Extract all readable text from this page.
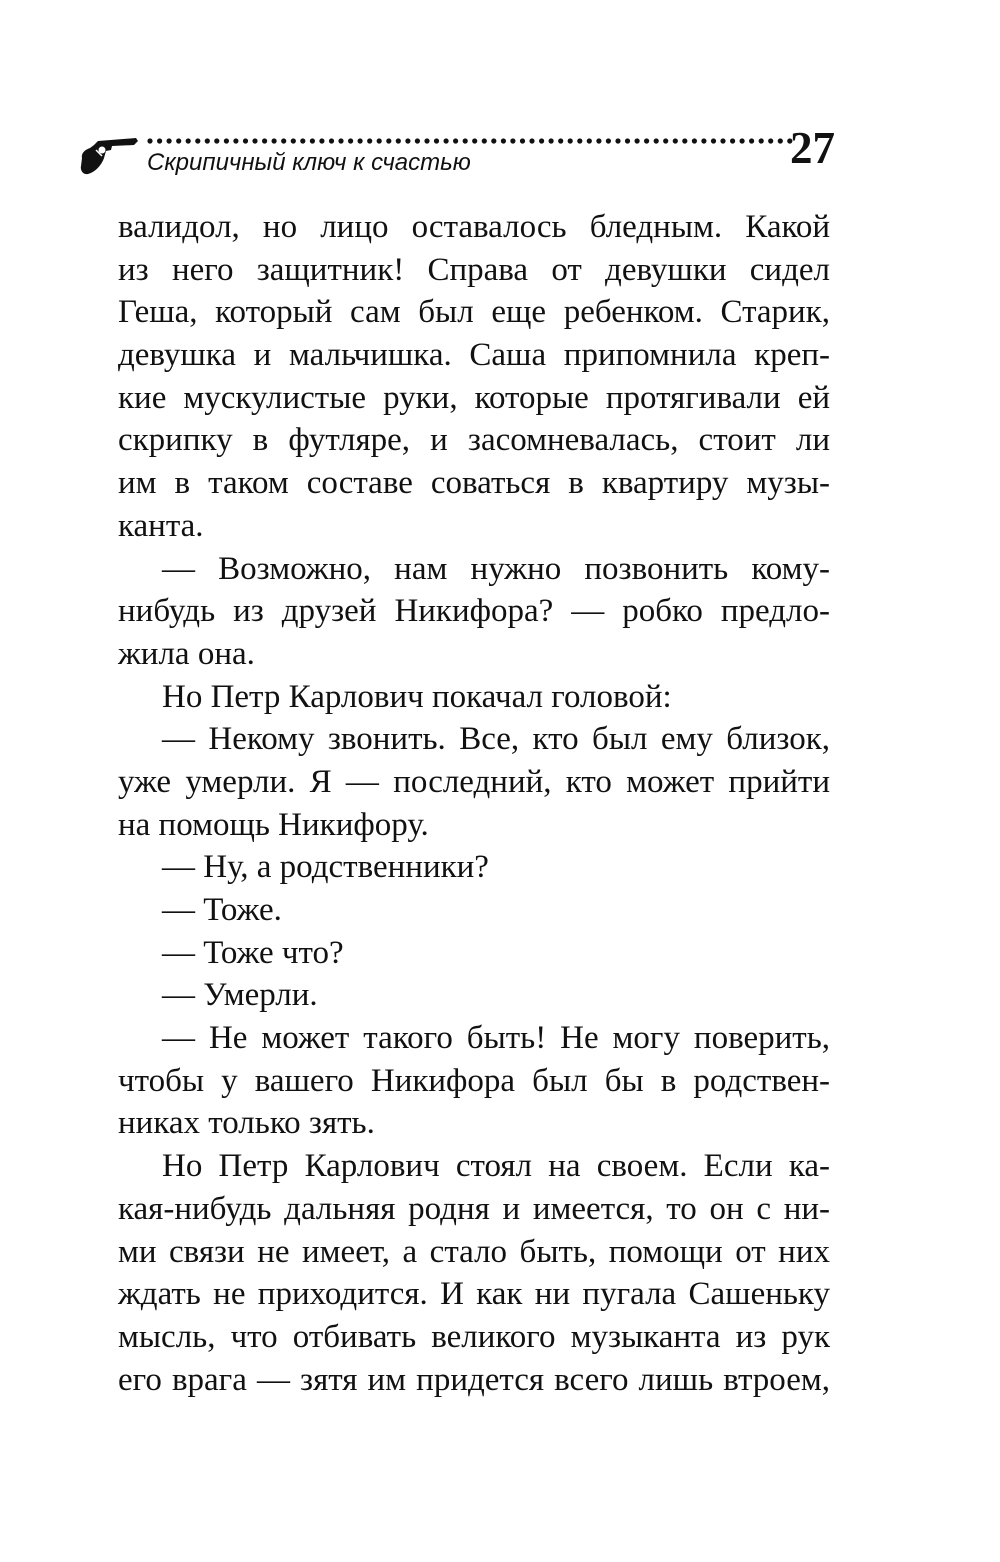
Скрипичный ключ к счастью	27

валидол, но лицо оставалось бледным. Какой

из него защитник! Справа от девушки сидел

Геша, который сам был еще ребенком. Старик,

девушка и мальчишка. Саша припомнила креп-

кие мускулистые руки, которые протягивали ей

скрипку в футляре, и засомневалась, стоит ли

им в таком составе соваться в квартиру музы-

канта.

— Возможно, нам нужно позвонить кому-

нибудь из друзей Никифора? — робко предло-

жила она.

Но Петр Карлович покачал головой:

— Некому звонить. Все, кто был ему близок,

уже умерли. Я — последний, кто может прийти

на помощь Никифору.

— Ну, а родственники?

— Тоже.

— Тоже что?

— Умерли.

— Не может такого быть! Не могу поверить,

чтобы у вашего Никифора был бы в родствен-

никах только зять.

Но Петр Карлович стоял на своем. Если ка-

кая-нибудь дальняя родня и имеется, то он с ни-

ми связи не имеет, а стало быть, помощи от них

ждать не приходится. И как ни пугала Сашеньку

мысль, что отбивать великого музыканта из рук

его врага — зятя им придется всего лишь втроем,
